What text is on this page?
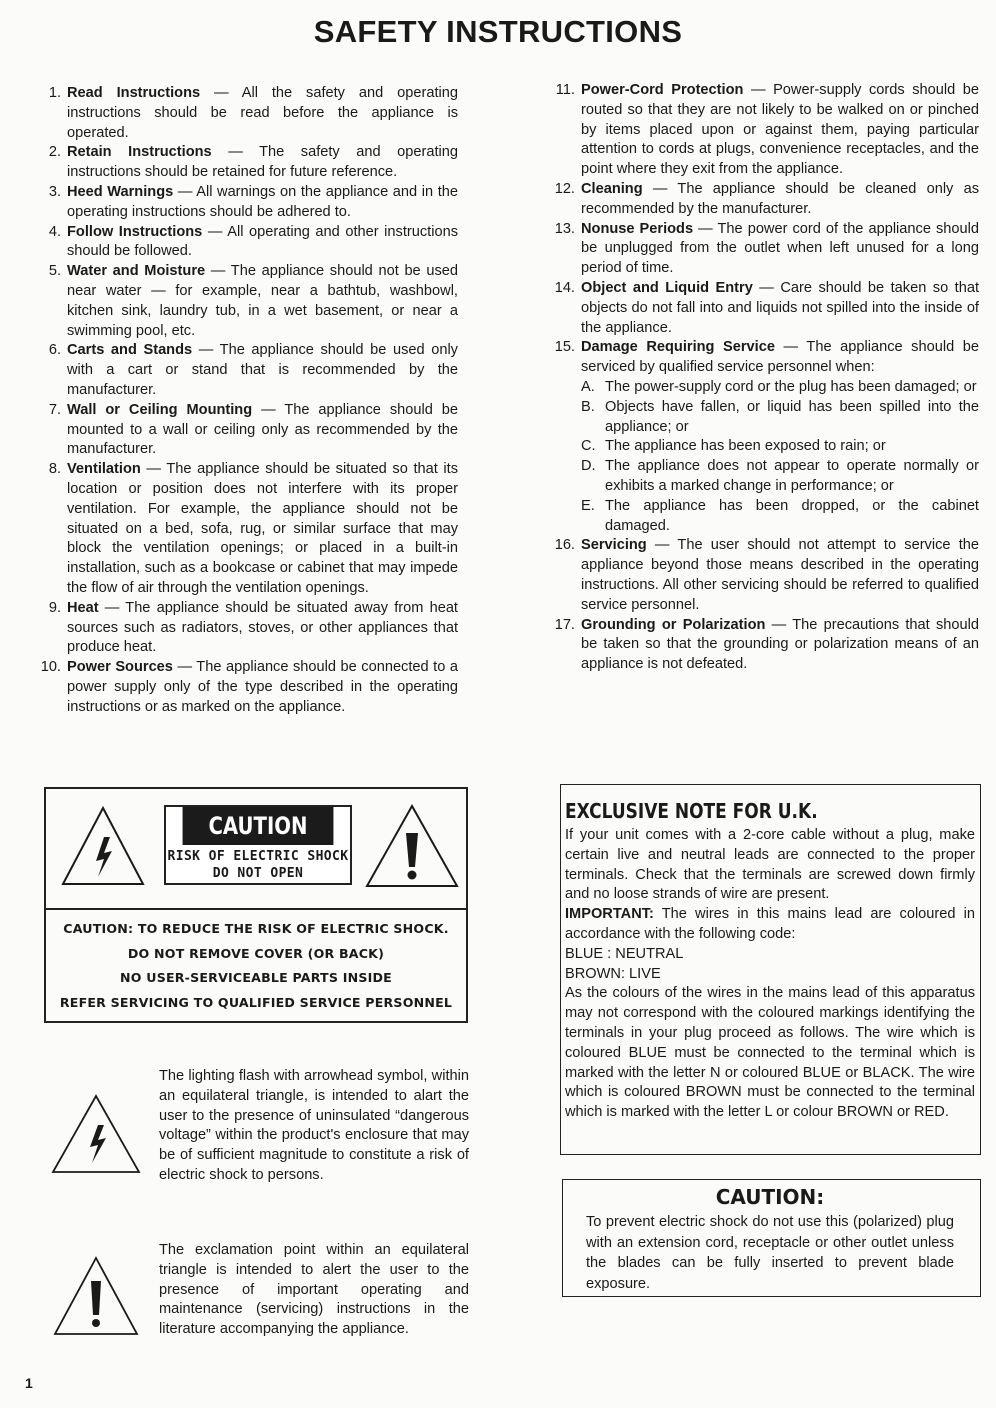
SAFETY INSTRUCTIONS
1. Read Instructions — All the safety and operating instructions should be read before the appliance is operated.
2. Retain Instructions — The safety and operating instructions should be retained for future reference.
3. Heed Warnings — All warnings on the appliance and in the operating instructions should be adhered to.
4. Follow Instructions — All operating and other instructions should be followed.
5. Water and Moisture — The appliance should not be used near water — for example, near a bathtub, washbowl, kitchen sink, laundry tub, in a wet basement, or near a swimming pool, etc.
6. Carts and Stands — The appliance should be used only with a cart or stand that is recommended by the manufacturer.
7. Wall or Ceiling Mounting — The appliance should be mounted to a wall or ceiling only as recommended by the manufacturer.
8. Ventilation — The appliance should be situated so that its location or position does not interfere with its proper ventilation. For example, the appliance should not be situated on a bed, sofa, rug, or similar surface that may block the ventilation openings; or placed in a built-in installation, such as a bookcase or cabinet that may impede the flow of air through the ventilation openings.
9. Heat — The appliance should be situated away from heat sources such as radiators, stoves, or other appliances that produce heat.
10. Power Sources — The appliance should be connected to a power supply only of the type described in the operating instructions or as marked on the appliance.
11. Power-Cord Protection — Power-supply cords should be routed so that they are not likely to be walked on or pinched by items placed upon or against them, paying particular attention to cords at plugs, convenience receptacles, and the point where they exit from the appliance.
12. Cleaning — The appliance should be cleaned only as recommended by the manufacturer.
13. Nonuse Periods — The power cord of the appliance should be unplugged from the outlet when left unused for a long period of time.
14. Object and Liquid Entry — Care should be taken so that objects do not fall into and liquids not spilled into the inside of the appliance.
15. Damage Requiring Service — The appliance should be serviced by qualified service personnel when:
A. The power-supply cord or the plug has been damaged; or
B. Objects have fallen, or liquid has been spilled into the appliance; or
C. The appliance has been exposed to rain; or
D. The appliance does not appear to operate normally or exhibits a marked change in performance; or
E. The appliance has been dropped, or the cabinet damaged.
16. Servicing — The user should not attempt to service the appliance beyond those means described in the operating instructions. All other servicing should be referred to qualified service personnel.
17. Grounding or Polarization — The precautions that should be taken so that the grounding or polarization means of an appliance is not defeated.
CAUTION
RISK OF ELECTRIC SHOCK
DO NOT OPEN
CAUTION: TO REDUCE THE RISK OF ELECTRIC SHOCK.
DO NOT REMOVE COVER (OR BACK)
NO USER-SERVICEABLE PARTS INSIDE
REFER SERVICING TO QUALIFIED SERVICE PERSONNEL
The lighting flash with arrowhead symbol, within an equilateral triangle, is intended to alart the user to the presence of uninsulated “dangerous voltage” within the product's enclosure that may be of sufficient magnitude to constitute a risk of electric shock to persons.
The exclamation point within an equilateral triangle is intended to alert the user to the presence of important operating and maintenance (servicing) instructions in the literature accompanying the appliance.
EXCLUSIVE NOTE FOR U.K.

If your unit comes with a 2-core cable without a plug, make certain live and neutral leads are connected to the proper terminals. Check that the terminals are screwed down firmly and no loose strands of wire are present.

IMPORTANT: The wires in this mains lead are coloured in accordance with the following code:

BLUE : NEUTRAL

BROWN: LIVE

As the colours of the wires in the mains lead of this apparatus may not correspond with the coloured markings identifying the terminals in your plug proceed as follows. The wire which is coloured BLUE must be connected to the terminal which is marked with the letter N or coloured BLUE or BLACK. The wire which is coloured BROWN must be connected to the terminal which is marked with the letter L or colour BROWN or RED.

CAUTION:
To prevent electric shock do not use this (polarized) plug with an extension cord, receptacle or other outlet unless the blades can be fully inserted to prevent blade exposure.
1
